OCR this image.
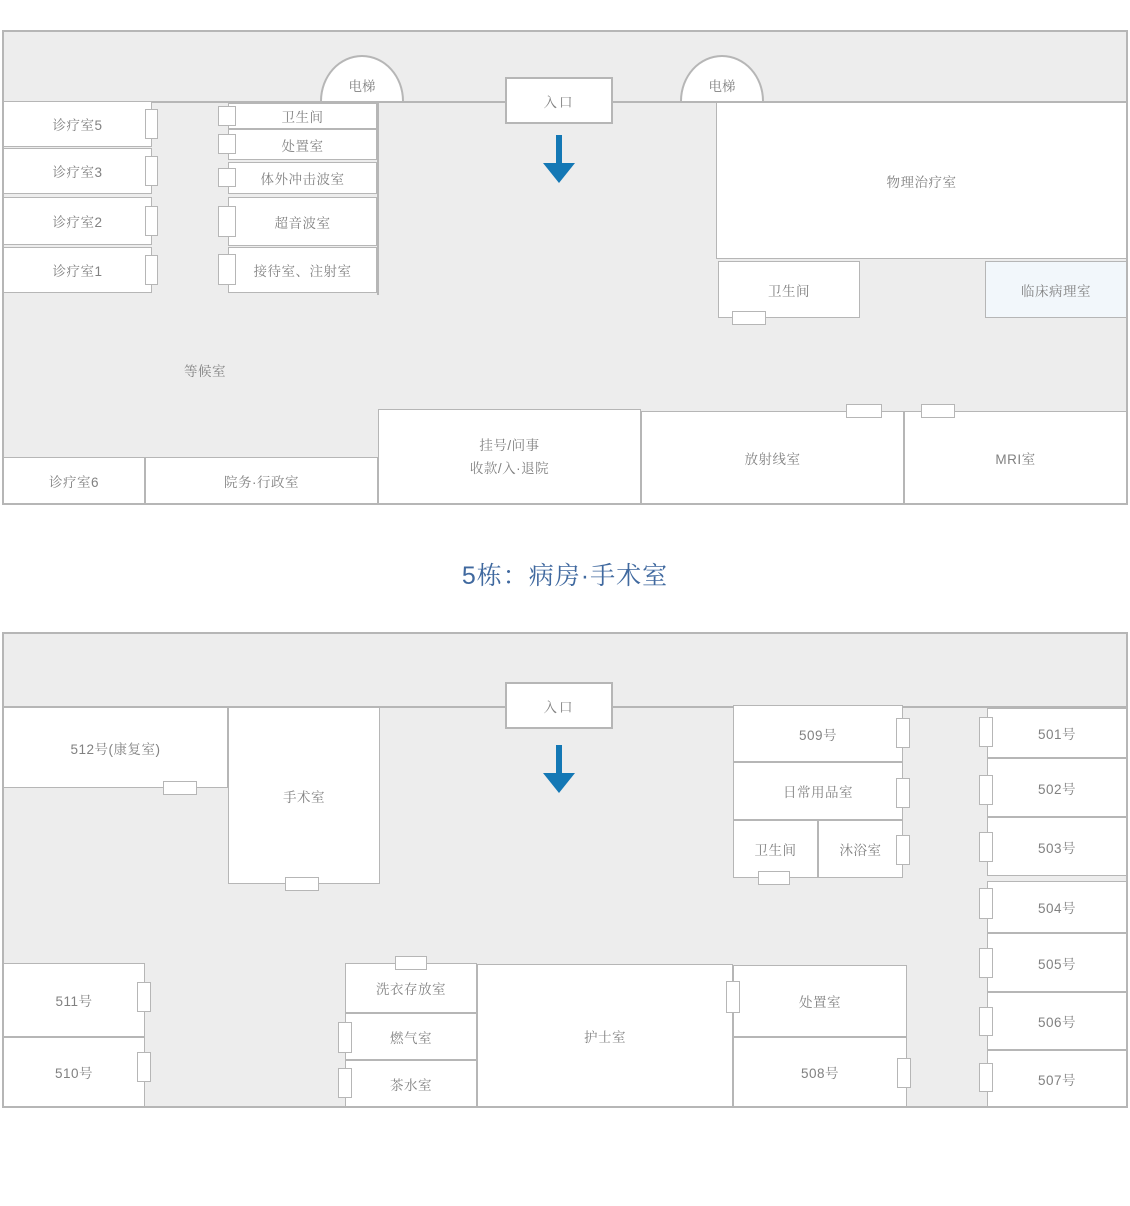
电梯	电梯
入口
诊疗室5
诊疗室3
诊疗室2
诊疗室1
卫生间
处置室
体外冲击波室
超音波室
接待室、注射室
等候室
诊疗室6	院务·行政室
挂号/问事
收款/入·退院
放射线室	MRI室
物理治疗室
卫生间	临床病理室
5栋：病房·手术室
入口
512号(康复室)
手术室
509号
日常用品室
卫生间	沐浴室
501号
502号
503号
504号
505号
506号
507号
511号
510号
洗衣存放室
燃气室
茶水室
护士室
处置室
508号
